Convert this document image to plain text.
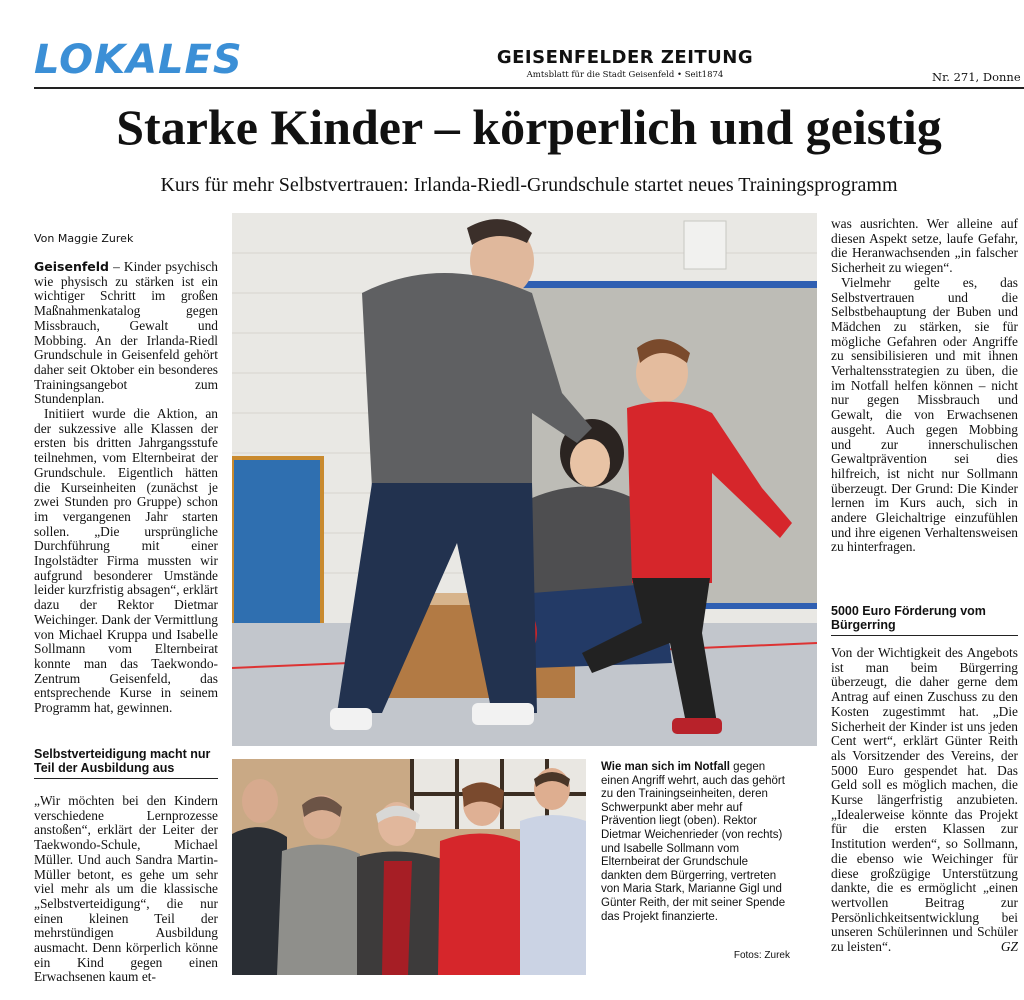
LOKALES	GEISENFELDER ZEITUNG
Amtsblatt für die Stadt Geisenfeld • Seit1874	Nr. 271, Donne
Starke Kinder – körperlich und geistig
Kurs für mehr Selbstvertrauen: Irlanda-Riedl-Grundschule startet neues Trainingsprogramm
Von Maggie Zurek

Geisenfeld – Kinder psychisch wie physisch zu stärken ist ein wichtiger Schritt im großen Maßnahmenkatalog gegen Missbrauch, Gewalt und Mobbing. An der Irlanda-Riedl Grundschule in Geisenfeld gehört daher seit Oktober ein besonderes Trainingsangebot zum Stundenplan.

Initiiert wurde die Aktion, an der sukzessive alle Klassen der ersten bis dritten Jahrgangsstufe teilnehmen, vom Elternbeirat der Grundschule. Eigentlich hätten die Kurseinheiten (zunächst je zwei Stunden pro Gruppe) schon im vergangenen Jahr starten sollen. „Die ursprüngliche Durchführung mit einer Ingolstädter Firma mussten wir aufgrund besonderer Umstände leider kurzfristig absagen“, erklärt dazu der Rektor Dietmar Weichinger. Dank der Vermittlung von Michael Kruppa und Isabelle Sollmann vom Elternbeirat konnte man das Taekwondo-Zentrum Geisenfeld, das entsprechende Kurse in seinem Programm hat, gewinnen.

Selbstverteidigung macht nur Teil der Ausbildung aus

„Wir möchten bei den Kindern verschiedene Lernprozesse anstoßen“, erklärt der Leiter der Taekwondo-Schule, Michael Müller. Und auch Sandra Martin-Müller betont, es gehe um sehr viel mehr als um die klassische „Selbstverteidigung“, die nur einen kleinen Teil der mehrstündigen Ausbildung ausmacht. Denn körperlich könne ein Kind gegen einen Erwachsenen kaum et-

Wie man sich im Notfall gegen einen Angriff wehrt, auch das gehört zu den Trainingseinheiten, deren Schwerpunkt aber mehr auf Prävention liegt (oben). Rektor Dietmar Weichenrieder (von rechts) und Isabelle Sollmann vom Elternbeirat der Grundschule dankten dem Bürgerring, vertreten von Maria Stark, Marianne Gigl und Günter Reith, der mit seiner Spende das Projekt finanzierte.
Fotos: Zurek

was ausrichten. Wer alleine auf diesen Aspekt setze, laufe Gefahr, die Heranwachsenden „in falscher Sicherheit zu wiegen“.

Vielmehr gelte es, das Selbstvertrauen und die Selbstbehauptung der Buben und Mädchen zu stärken, sie für mögliche Gefahren oder Angriffe zu sensibilisieren und mit ihnen Verhaltensstrategien zu üben, die im Notfall helfen können – nicht nur gegen Missbrauch und Gewalt, die von Erwachsenen ausgeht. Auch gegen Mobbing und zur innerschulischen Gewaltprävention sei dies hilfreich, ist nicht nur Sollmann überzeugt. Der Grund: Die Kinder lernen im Kurs auch, sich in andere Gleichaltrige einzufühlen und ihre eigenen Verhaltensweisen zu hinterfragen.

5000 Euro Förderung vom Bürgerring

Von der Wichtigkeit des Angebots ist man beim Bürgerring überzeugt, die daher gerne dem Antrag auf einen Zuschuss zu den Kosten zugestimmt hat. „Die Sicherheit der Kinder ist uns jeden Cent wert“, erklärt Günter Reith als Vorsitzender des Vereins, der 5000 Euro gespendet hat. Das Geld soll es möglich machen, die Kurse längerfristig anzubieten. „Idealerweise könnte das Projekt für die ersten Klassen zur Institution werden“, so Sollmann, die ebenso wie Weichinger für diese großzügige Unterstützung dankte, die es ermöglicht „einen wertvollen Beitrag zur Persönlichkeitsentwicklung bei unseren Schülerinnen und Schüler zu leisten“.	GZ
